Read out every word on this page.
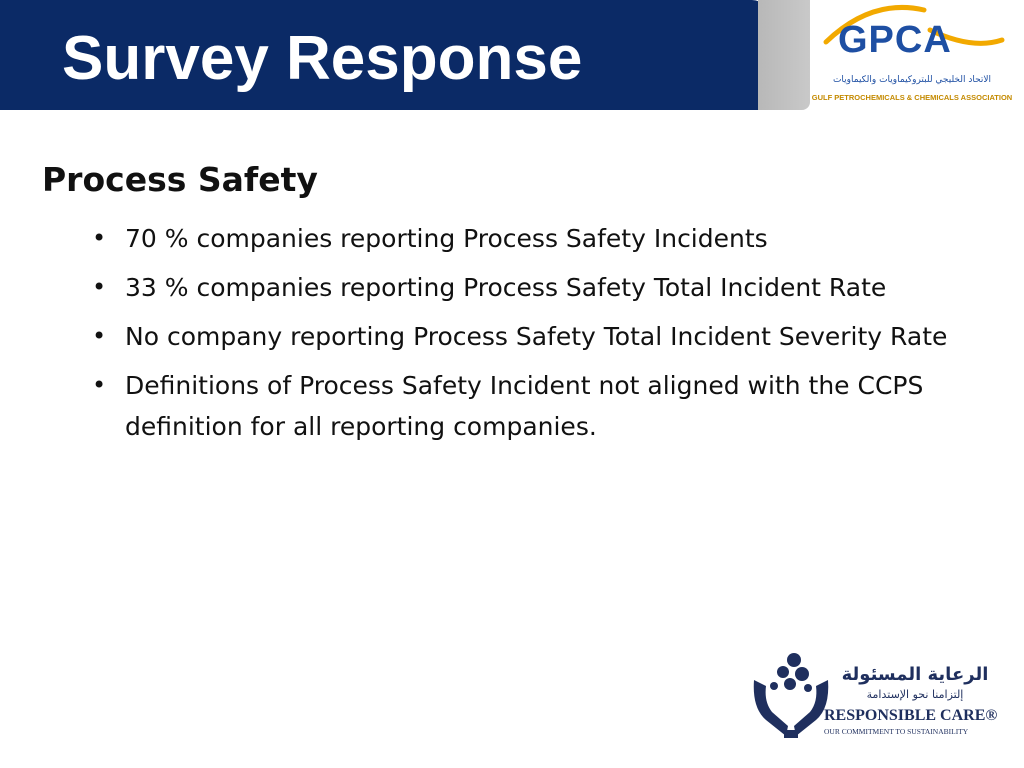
Survey Response	GPCA
الاتحاد الخليجي للبتروكيماويات والكيماويات
GULF PETROCHEMICALS & CHEMICALS ASSOCIATION
Process Safety
• 70 % companies reporting Process Safety Incidents
• 33 % companies reporting Process Safety Total Incident Rate
• No company reporting Process Safety Total Incident Severity Rate
• Definitions of Process Safety Incident not aligned with the CCPS definition for all reporting companies.
الرعاية المسئولة
إلتزامنا نحو الإستدامة
RESPONSIBLE CARE®
OUR COMMITMENT TO SUSTAINABILITY
